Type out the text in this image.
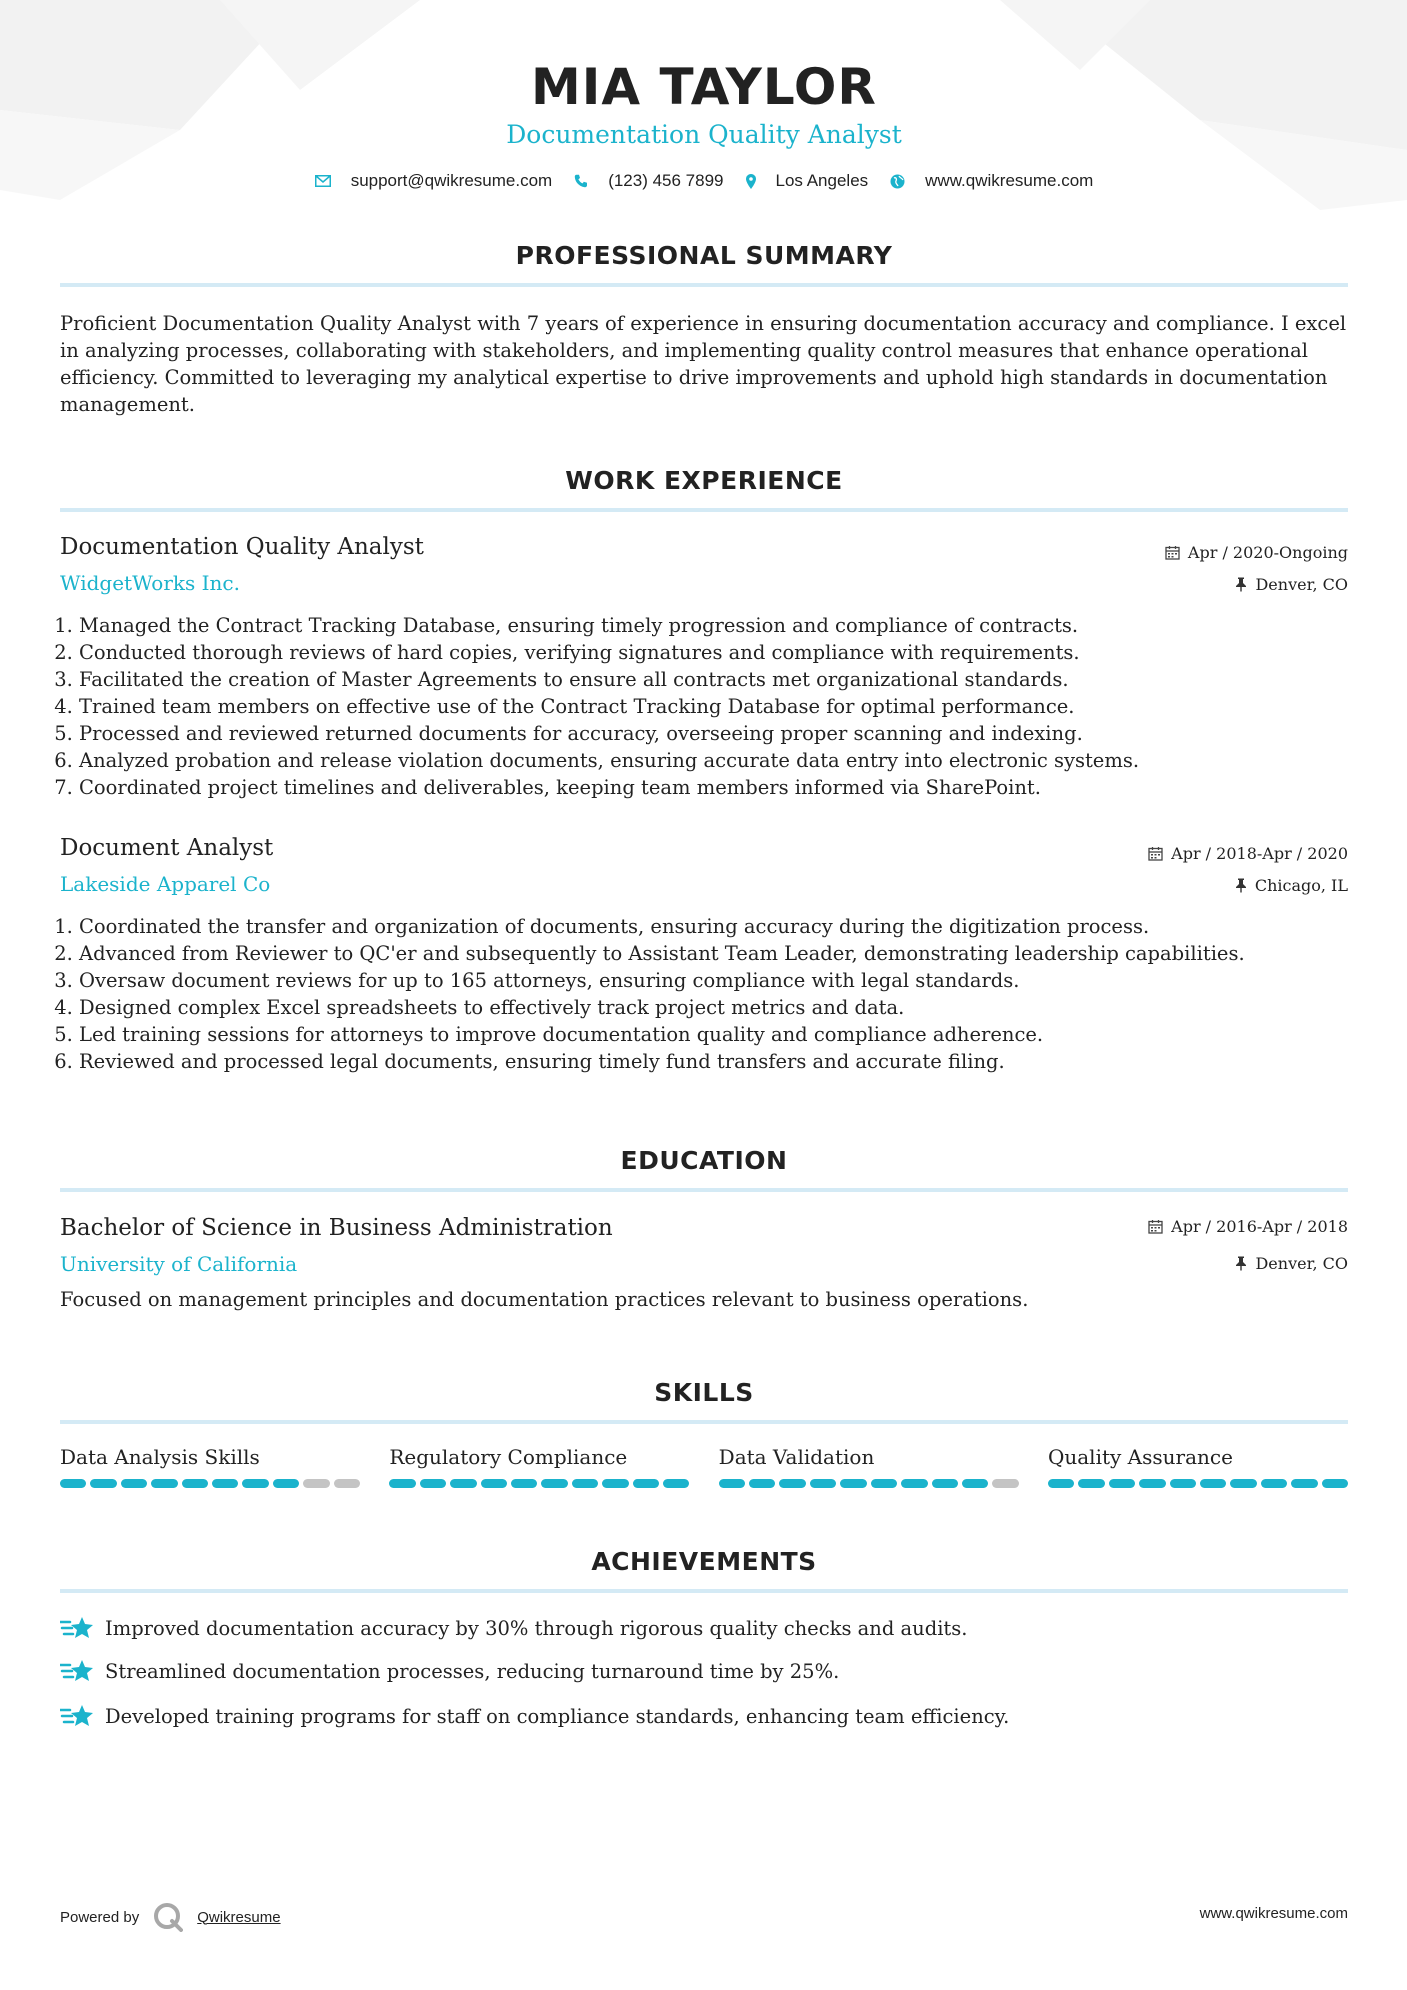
MIA TAYLOR
Documentation Quality Analyst
support@qwikresume.com	(123) 456 7899	Los Angeles	www.qwikresume.com
PROFESSIONAL SUMMARY
Proficient Documentation Quality Analyst with 7 years of experience in ensuring documentation accuracy and compliance. I excel in analyzing processes, collaborating with stakeholders, and implementing quality control measures that enhance operational efficiency. Committed to leveraging my analytical expertise to drive improvements and uphold high standards in documentation management.
WORK EXPERIENCE
Documentation Quality Analyst
WidgetWorks Inc.
Apr / 2020-Ongoing
Denver, CO
1. Managed the Contract Tracking Database, ensuring timely progression and compliance of contracts.
2. Conducted thorough reviews of hard copies, verifying signatures and compliance with requirements.
3. Facilitated the creation of Master Agreements to ensure all contracts met organizational standards.
4. Trained team members on effective use of the Contract Tracking Database for optimal performance.
5. Processed and reviewed returned documents for accuracy, overseeing proper scanning and indexing.
6. Analyzed probation and release violation documents, ensuring accurate data entry into electronic systems.
7. Coordinated project timelines and deliverables, keeping team members informed via SharePoint.
Document Analyst
Lakeside Apparel Co
Apr / 2018-Apr / 2020
Chicago, IL
1. Coordinated the transfer and organization of documents, ensuring accuracy during the digitization process.
2. Advanced from Reviewer to QC'er and subsequently to Assistant Team Leader, demonstrating leadership capabilities.
3. Oversaw document reviews for up to 165 attorneys, ensuring compliance with legal standards.
4. Designed complex Excel spreadsheets to effectively track project metrics and data.
5. Led training sessions for attorneys to improve documentation quality and compliance adherence.
6. Reviewed and processed legal documents, ensuring timely fund transfers and accurate filing.
EDUCATION
Bachelor of Science in Business Administration
University of California
Apr / 2016-Apr / 2018
Denver, CO
Focused on management principles and documentation practices relevant to business operations.
SKILLS
Data Analysis Skills	Regulatory Compliance	Data Validation	Quality Assurance
ACHIEVEMENTS
Improved documentation accuracy by 30% through rigorous quality checks and audits.
Streamlined documentation processes, reducing turnaround time by 25%.
Developed training programs for staff on compliance standards, enhancing team efficiency.
Powered by	Qwikresume	www.qwikresume.com
